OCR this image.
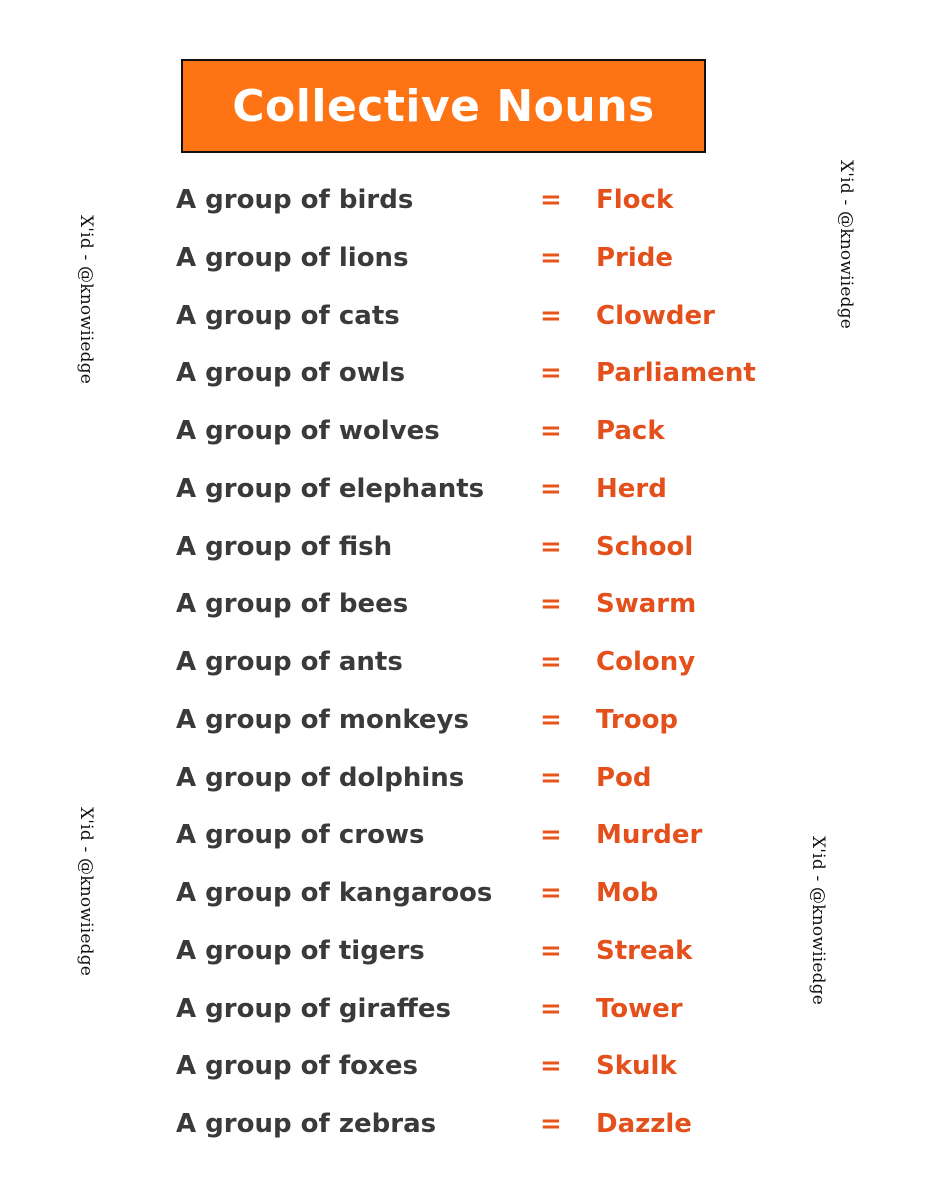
Collective Nouns
A group of birds	= Flock
A group of lions	= Pride
A group of cats	= Clowder
A group of owls	= Parliament
A group of wolves	= Pack
A group of elephants = Herd
A group of fish	= School
A group of bees	= Swarm
A group of ants	= Colony
A group of monkeys	= Troop
A group of dolphins	= Pod
A group of crows	= Murder
A group of kangaroos = Mob
A group of tigers	= Streak
A group of giraffes	= Tower
A group of foxes	= Skulk
A group of zebras	= Dazzle
X'id - @knowiiedge	X'id - @knowiiedge
X'id - @knowiiedge	X'id - @knowiiedge
